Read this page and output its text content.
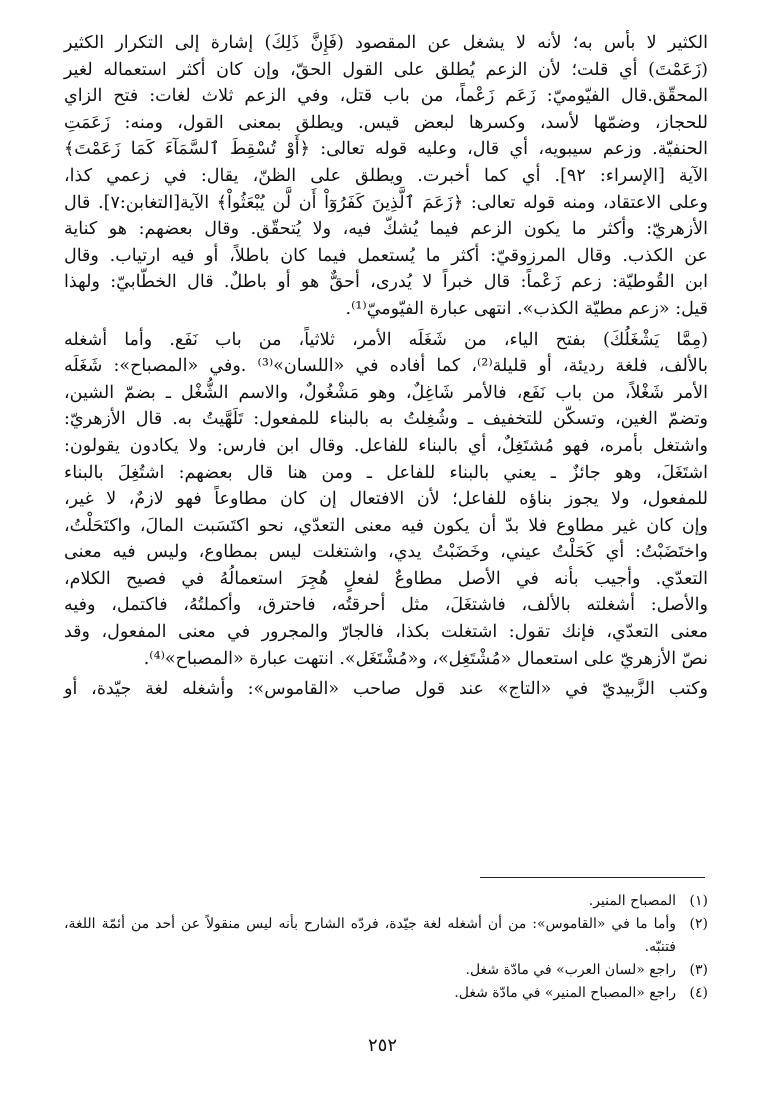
الكثير لا بأس به؛ لأنه لا يشغل عن المقصود (فَإِنَّ ذَلِكَ) إشارة إلى التكرار الكثير
(زَعَمْتَ) أي قلت؛ لأن الزعم يُطلق على القول الحقّ، وإن كان أكثر استعماله لغير
المحقّق.قال الفيّوميّ: زَعَم زَعْماً، من باب قتل، وفي الزعم ثلاث لغات: فتح الزاي
للحجاز، وضمّها لأسد، وكسرها لبعض قيس. ويطلق بمعنى القول، ومنه: زَعَمَتِ
الحنفيّة. وزعم سيبويه، أي قال، وعليه قوله تعالى: ﴿أَوْ تُسْقِطَ ٱلسَّمَآءَ كَمَا زَعَمْتَ﴾
الآية [الإسراء: ٩٢]. أي كما أخبرت. ويطلق على الظنّ، يقال: في زعمي كذا،
وعلى الاعتقاد، ومنه قوله تعالى: ﴿زَعَمَ ٱلَّذِينَ كَفَرُوٓاْ أَن لَّن يُبْعَثُواْ﴾ الآية[التغابن:٧]. قال
الأزهريّ: وأكثر ما يكون الزعم فيما يُشكّ فيه، ولا يُتحقّق. وقال بعضهم: هو كناية
عن الكذب. وقال المرزوقيّ: أكثر ما يُستعمل فيما كان باطلاً، أو فيه ارتياب. وقال
ابن القُوطيّة: زعم زَعْماً: قال خبراً لا يُدرى، أحقٌّ هو أو باطلٌ. قال الخطّابيّ: ولهذا
قيل: «زعم مطيّة الكذب». انتهى عبارة الفيّوميّ⁽¹⁾.
(مِمَّا يَشْغَلُكَ) بفتح الياء، من شَغَلَه الأمر، ثلاثياً، من باب نَفَع. وأما أشغله
بالألف، فلغة رديئة، أو قليلة⁽²⁾، كما أفاده في «اللسان»⁽³⁾ .وفي «المصباح»: شَغَلَه
الأمر شَغْلاً، من باب نَفَع، فالأمر شَاغِلٌ، وهو مَشْغُولٌ، والاسم الشُّغْل ـ بضمّ الشين،
وتضمّ الغين، وتسكّن للتخفيف ـ وشُغِلتُ به بالبناء للمفعول: تَلَهَّيتُ به. قال الأزهريّ:
واشتغل بأمره، فهو مُشتَغِلٌ، أي بالبناء للفاعل. وقال ابن فارس: ولا يكادون يقولون:
اشتَغَلَ، وهو جائزٌ ـ يعني بالبناء للفاعل ـ ومن هنا قال بعضهم: اشتُغِلَ بالبناء
للمفعول، ولا يجوز بناؤه للفاعل؛ لأن الافتعال إن كان مطاوعاً فهو لازمٌ، لا غير،
وإن كان غير مطاوع فلا بدّ أن يكون فيه معنى التعدّي، نحو اكتَسَبت المالَ، واكتَحَلْتُ،
واختَضَبْتُ: أي كَحَلْتُ عيني، وخَضَبْتُ يدي، واشتغلت ليس بمطاوع، وليس فيه معنى
التعدّي. وأجيب بأنه في الأصل مطاوعٌ لفعلٍ هُجِرَ استعمالُهُ في فصيح الكلام،
والأصل: أشغلته بالألف، فاشتغَلَ، مثل أحرقتُه، فاحترق، وأكملتُهُ، فاكتمل، وفيه
معنى التعدّي، فإنك تقول: اشتغلت بكذا، فالجارّ والمجرور في معنى المفعول، وقد
نصّ الأزهريّ على استعمال «مُشْتَغِل»، و«مُشْتَغَل». انتهت عبارة «المصباح»⁽⁴⁾.
وكتب الزَّبيديّ في «التاج» عند قول صاحب «القاموس»: وأشغله لغة جيّدة، أو
(١)
المصباح المنير.
(٢)
وأما ما في «القاموس»: من أن أشغله لغة جيّدة، فردّه الشارح بأنه ليس منقولاً عن أحد من أئمّة اللغة، فتنبّه.
(٣)
راجع «لسان العرب» في مادّة شغل.
(٤)
راجع «المصباح المنير» في مادّة شغل.
٢٥٢
